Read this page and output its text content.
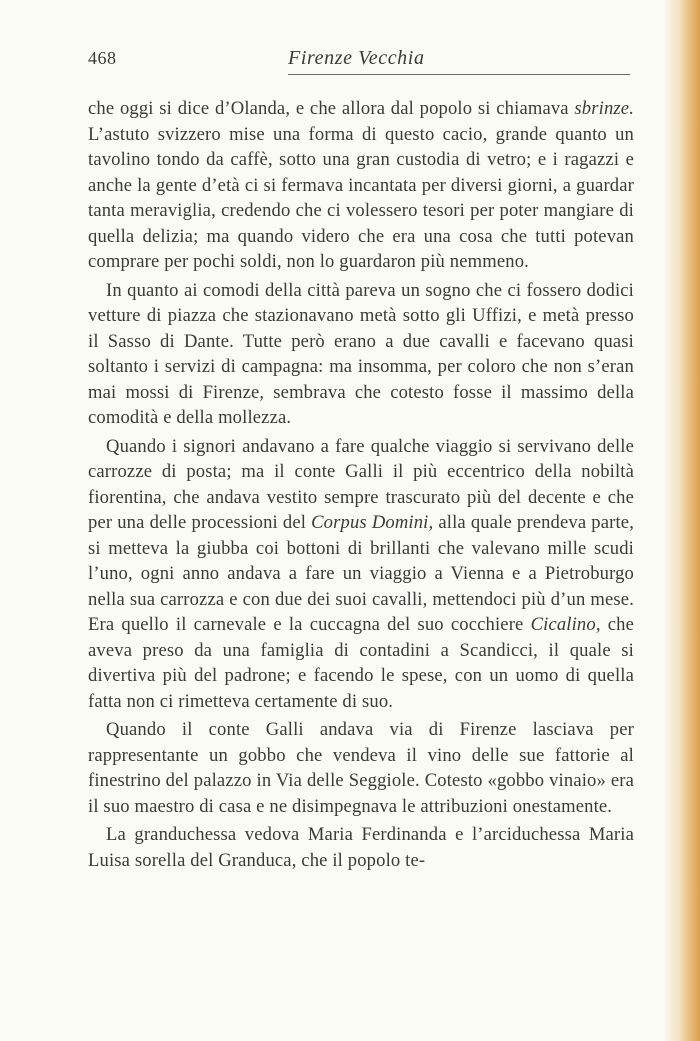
468	Firenze Vecchia

che oggi si dice d’Olanda, e che allora dal popolo si chiamava sbrinze. L’astuto svizzero mise una forma di questo cacio, grande quanto un tavolino tondo da caffè, sotto una gran custodia di vetro; e i ragazzi e anche la gente d’età ci si fermava incantata per diversi giorni, a guardar tanta meraviglia, credendo che ci volessero tesori per poter mangiare di quella delizia; ma quando videro che era una cosa che tutti potevan comprare per pochi soldi, non lo guardaron più nemmeno.

In quanto ai comodi della città pareva un sogno che ci fossero dodici vetture di piazza che stazionavano metà sotto gli Uffizi, e metà presso il Sasso di Dante. Tutte però erano a due cavalli e facevano quasi soltanto i servizi di campagna: ma insomma, per coloro che non s’eran mai mossi di Firenze, sembrava che cotesto fosse il massimo della comodità e della mollezza.

Quando i signori andavano a fare qualche viaggio si servivano delle carrozze di posta; ma il conte Galli il più eccentrico della nobiltà fiorentina, che andava vestito sempre trascurato più del decente e che per una delle processioni del Corpus Domini, alla quale prendeva parte, si metteva la giubba coi bottoni di brillanti che valevano mille scudi l’uno, ogni anno andava a fare un viaggio a Vienna e a Pietroburgo nella sua carrozza e con due dei suoi cavalli, mettendoci più d’un mese. Era quello il carnevale e la cuccagna del suo cocchiere Cicalino, che aveva preso da una famiglia di contadini a Scandicci, il quale si divertiva più del padrone; e facendo le spese, con un uomo di quella fatta non ci rimetteva certamente di suo.

Quando il conte Galli andava via di Firenze lasciava per rappresentante un gobbo che vendeva il vino delle sue fattorie al finestrino del palazzo in Via delle Seggiole. Cotesto «gobbo vinaio» era il suo maestro di casa e ne disimpegnava le attribuzioni onestamente.

La granduchessa vedova Maria Ferdinanda e l’arciduchessa Maria Luisa sorella del Granduca, che il popolo te-
